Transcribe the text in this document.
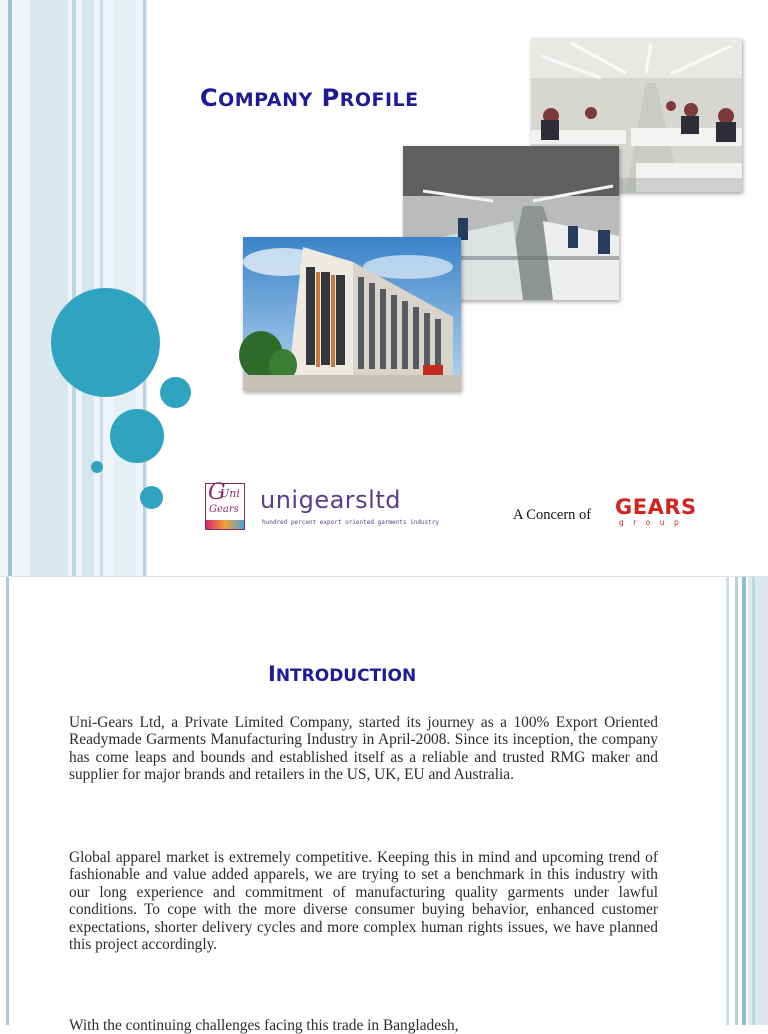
COMPANY PROFILE
Uni
G
Gears unigearsltd
hundred percent export oriented garments industry	A Concern of GEARS
group
INTRODUCTION

Uni-Gears Ltd, a Private Limited Company, started its journey as a 100% Export Oriented Readymade Garments Manufacturing Industry in April-2008. Since its inception, the company has come leaps and bounds and established itself as a reliable and trusted RMG maker and supplier for major brands and retailers in the US, UK, EU and Australia.

Global apparel market is extremely competitive. Keeping this in mind and upcoming trend of fashionable and value added apparels, we are trying to set a benchmark in this industry with our long experience and commitment of manufacturing quality garments under lawful conditions. To cope with the more diverse consumer buying behavior, enhanced customer expectations, shorter delivery cycles and more complex human rights issues, we have planned this project accordingly.

With the continuing challenges facing this trade in Bangladesh,
